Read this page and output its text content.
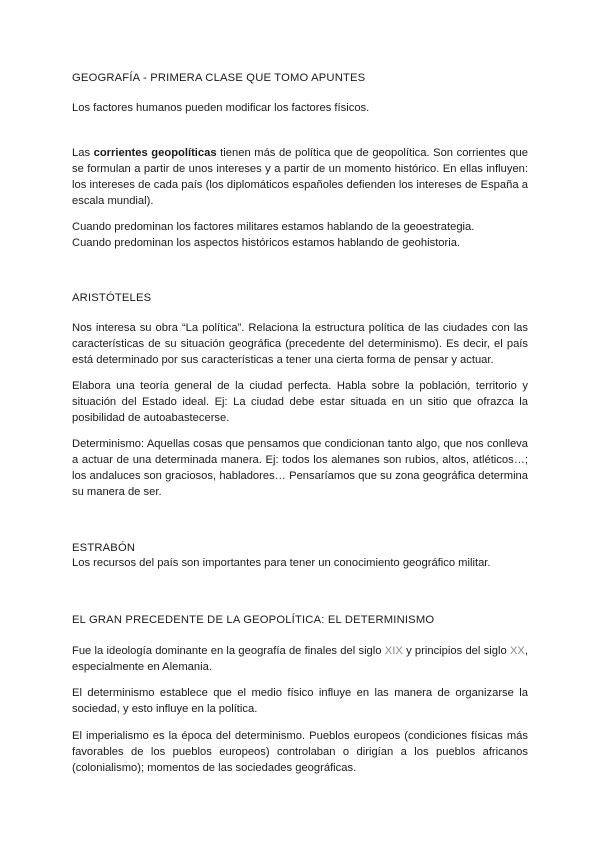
GEOGRAFÍA - PRIMERA CLASE QUE TOMO APUNTES

Los factores humanos pueden modificar los factores físicos.

Las corrientes geopolíticas tienen más de política que de geopolítica. Son corrientes que se formulan a partir de unos intereses y a partir de un momento histórico. En ellas influyen: los intereses de cada país (los diplomáticos españoles defienden los intereses de España a escala mundial).

Cuando predominan los factores militares estamos hablando de la geoestrategia.

Cuando predominan los aspectos históricos estamos hablando de geohistoria.

ARISTÓTELES

Nos interesa su obra “La política”. Relaciona la estructura política de las ciudades con las características de su situación geográfica (precedente del determinismo). Es decir, el país está determinado por sus características a tener una cierta forma de pensar y actuar.

Elabora una teoría general de la ciudad perfecta. Habla sobre la población, territorio y situación del Estado ideal. Ej: La ciudad debe estar situada en un sitio que ofrazca la posibilidad de autoabastecerse.

Determinismo: Aquellas cosas que pensamos que condicionan tanto algo, que nos conlleva a actuar de una determinada manera. Ej: todos los alemanes son rubios, altos, atléticos…; los andaluces son graciosos, habladores… Pensaríamos que su zona geográfica determina su manera de ser.

ESTRABÓN

Los recursos del país son importantes para tener un conocimiento geográfico militar.

EL GRAN PRECEDENTE DE LA GEOPOLÍTICA: EL DETERMINISMO

Fue la ideología dominante en la geografía de finales del siglo XIX y principios del siglo XX, especialmente en Alemania.

El determinismo establece que el medio físico influye en las manera de organizarse la sociedad, y esto influye en la política.

El imperialismo es la época del determinismo. Pueblos europeos (condiciones físicas más favorables de los pueblos europeos) controlaban o dirigían a los pueblos africanos (colonialismo); momentos de las sociedades geográficas.
